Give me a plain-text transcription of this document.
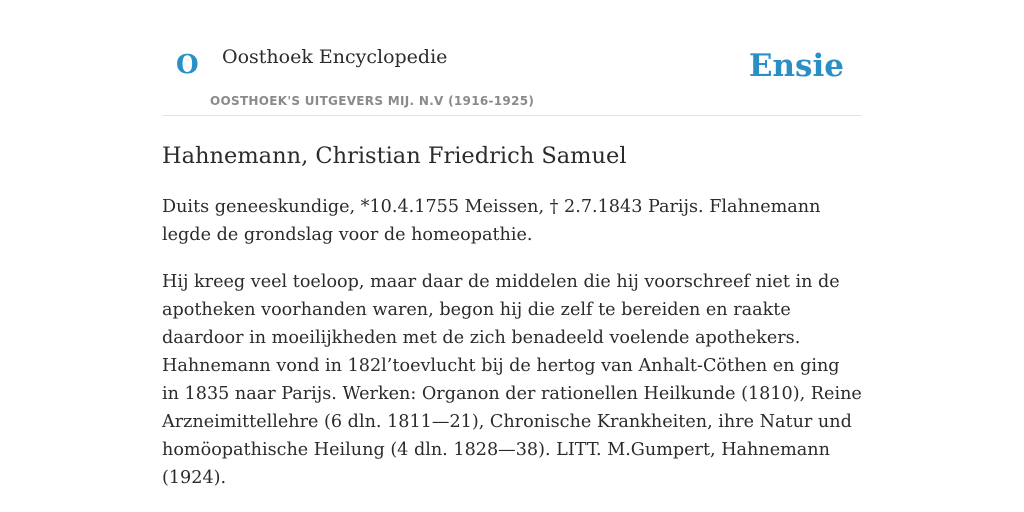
O Oosthoek Encyclopedie
OOSTHOEK'S UITGEVERS MIJ. N.V (1916-1925)
Ensie
Hahnemann, Christian Friedrich Samuel

Duits geneeskundige, *10.4.1755 Meissen, † 2.7.1843 Parijs. Flahnemann legde de grondslag voor de homeopathie.

Hij kreeg veel toeloop, maar daar de middelen die hij voorschreef niet in de apotheken voorhanden waren, begon hij die zelf te bereiden en raakte daardoor in moeilijkheden met de zich benadeeld voelende apothekers. Hahnemann vond in 182l’toevlucht bij de hertog van Anhalt-Cöthen en ging in 1835 naar Parijs. Werken: Organon der rationellen Heilkunde (1810), Reine Arzneimittellehre (6 dln. 1811—21), Chronische Krankheiten, ihre Natur und homöopathische Heilung (4 dln. 1828—38). LITT. M.Gumpert, Hahnemann (1924).
